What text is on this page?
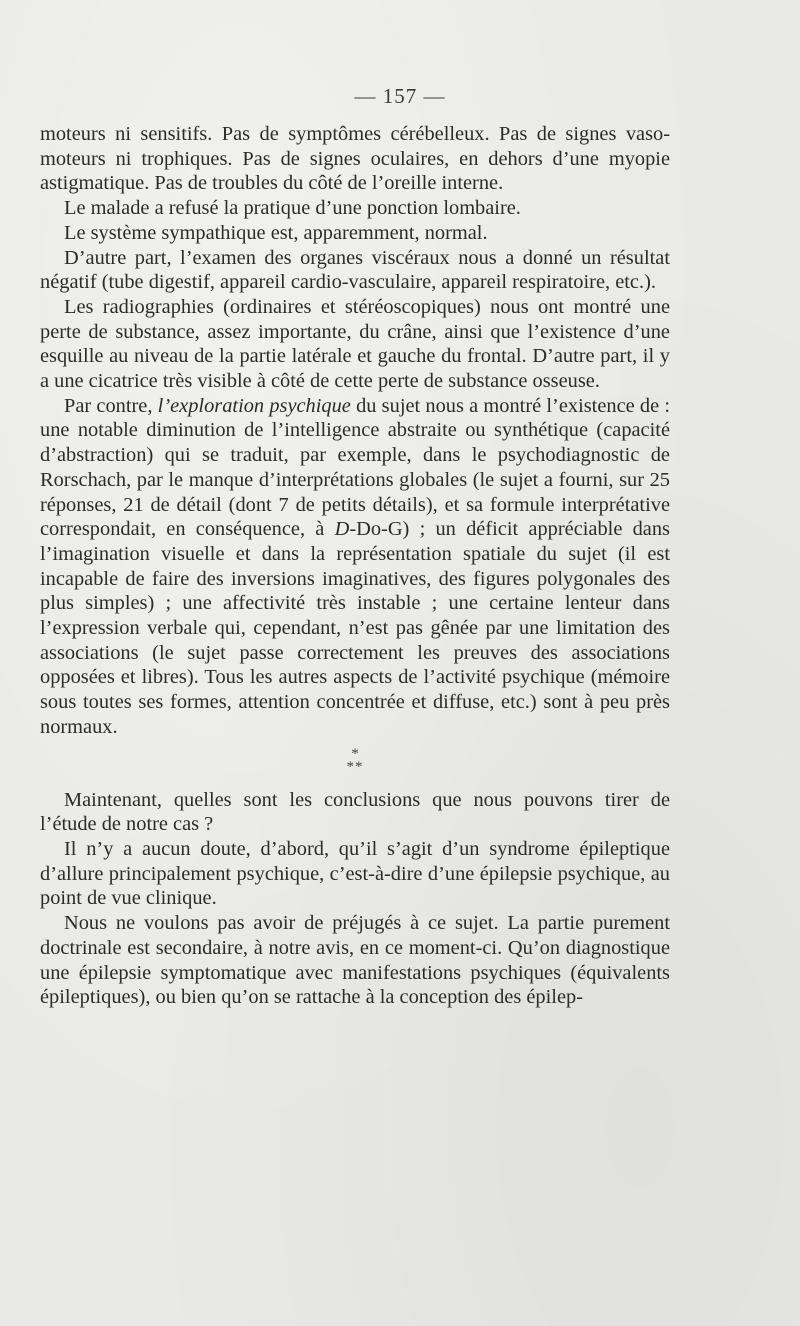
— 157 —

moteurs ni sensitifs. Pas de symptômes cérébelleux. Pas de signes vaso-moteurs ni trophiques. Pas de signes oculaires, en dehors d’une myopie astigmatique. Pas de troubles du côté de l’oreille interne.

Le malade a refusé la pratique d’une ponction lombaire.

Le système sympathique est, apparemment, normal.

D’autre part, l’examen des organes viscéraux nous a donné un résultat négatif (tube digestif, appareil cardio-vasculaire, appareil respiratoire, etc.).

Les radiographies (ordinaires et stéréoscopiques) nous ont montré une perte de substance, assez importante, du crâne, ainsi que l’existence d’une esquille au niveau de la partie latérale et gauche du frontal. D’autre part, il y a une cicatrice très visible à côté de cette perte de substance osseuse.

Par contre, l’exploration psychique du sujet nous a montré l’existence de : une notable diminution de l’intelligence abstraite ou synthétique (capacité d’abstraction) qui se traduit, par exemple, dans le psychodiagnostic de Rorschach, par le manque d’interprétations globales (le sujet a fourni, sur 25 réponses, 21 de détail (dont 7 de petits détails), et sa formule interprétative correspondait, en conséquence, à D-Do-G) ; un déficit appréciable dans l’imagination visuelle et dans la représentation spatiale du sujet (il est incapable de faire des inversions imaginatives, des figures polygonales des plus simples) ; une affectivité très instable ; une certaine lenteur dans l’expression verbale qui, cependant, n’est pas gênée par une limitation des associations (le sujet passe correctement les preuves des associations opposées et libres). Tous les autres aspects de l’activité psychique (mémoire sous toutes ses formes, attention concentrée et diffuse, etc.) sont à peu près normaux.

*
**

Maintenant, quelles sont les conclusions que nous pouvons tirer de l’étude de notre cas ?

Il n’y a aucun doute, d’abord, qu’il s’agit d’un syndrome épileptique d’allure principalement psychique, c’est-à-dire d’une épilepsie psychique, au point de vue clinique.

Nous ne voulons pas avoir de préjugés à ce sujet. La partie purement doctrinale est secondaire, à notre avis, en ce moment-ci. Qu’on diagnostique une épilepsie symptomatique avec manifestations psychiques (équivalents épileptiques), ou bien qu’on se rattache à la conception des épilep-
